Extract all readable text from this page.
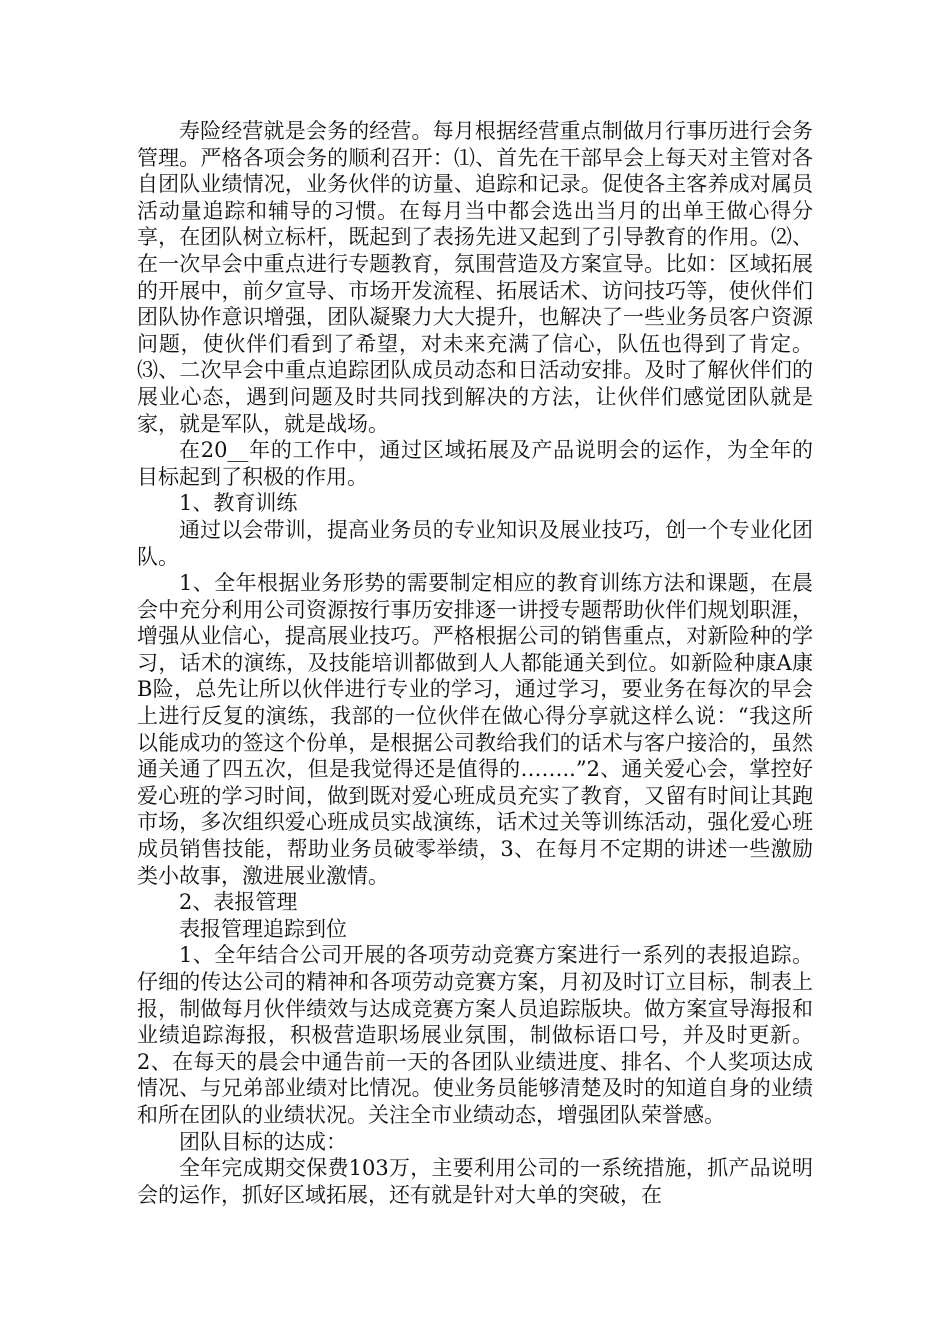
寿险经营就是会务的经营。每月根据经营重点制做月行事历进行会务管理。严格各项会务的顺利召开：⑴、首先在干部早会上每天对主管对各自团队业绩情况，业务伙伴的访量、追踪和记录。促使各主客养成对属员活动量追踪和辅导的习惯。在每月当中都会选出当月的出单王做心得分享，在团队树立标杆，既起到了表扬先进又起到了引导教育的作用。⑵、在一次早会中重点进行专题教育，氛围营造及方案宣导。比如：区域拓展的开展中，前夕宣导、市场开发流程、拓展话术、访问技巧等，使伙伴们团队协作意识增强，团队凝聚力大大提升，也解决了一些业务员客户资源问题，使伙伴们看到了希望，对未来充满了信心，队伍也得到了肯定。⑶、二次早会中重点追踪团队成员动态和日活动安排。及时了解伙伴们的展业心态，遇到问题及时共同找到解决的方法，让伙伴们感觉团队就是家，就是军队，就是战场。

在20__年的工作中，通过区域拓展及产品说明会的运作，为全年的目标起到了积极的作用。

1、教育训练

通过以会带训，提高业务员的专业知识及展业技巧，创一个专业化团队。

1、全年根据业务形势的需要制定相应的教育训练方法和课题，在晨会中充分利用公司资源按行事历安排逐一讲授专题帮助伙伴们规划职涯，增强从业信心，提高展业技巧。严格根据公司的销售重点，对新险种的学习，话术的演练，及技能培训都做到人人都能通关到位。如新险种康A康B险，总先让所以伙伴进行专业的学习，通过学习，要业务在每次的早会上进行反复的演练，我部的一位伙伴在做心得分享就这样么说：“我这所以能成功的签这个份单，是根据公司教给我们的话术与客户接洽的，虽然通关通了四五次，但是我觉得还是值得的……..”2、通关爱心会，掌控好爱心班的学习时间，做到既对爱心班成员充实了教育，又留有时间让其跑市场，多次组织爱心班成员实战演练，话术过关等训练活动，强化爱心班成员销售技能，帮助业务员破零举绩，3、在每月不定期的讲述一些激励类小故事，激进展业激情。

2、表报管理

表报管理追踪到位

1、全年结合公司开展的各项劳动竞赛方案进行一系列的表报追踪。仔细的传达公司的精神和各项劳动竞赛方案，月初及时订立目标，制表上报，制做每月伙伴绩效与达成竞赛方案人员追踪版块。做方案宣导海报和业绩追踪海报，积极营造职场展业氛围，制做标语口号，并及时更新。2、在每天的晨会中通告前一天的各团队业绩进度、排名、个人奖项达成情况、与兄弟部业绩对比情况。使业务员能够清楚及时的知道自身的业绩和所在团队的业绩状况。关注全市业绩动态，增强团队荣誉感。

团队目标的达成：

全年完成期交保费103万，主要利用公司的一系统措施，抓产品说明会的运作，抓好区域拓展，还有就是针对大单的突破，在
